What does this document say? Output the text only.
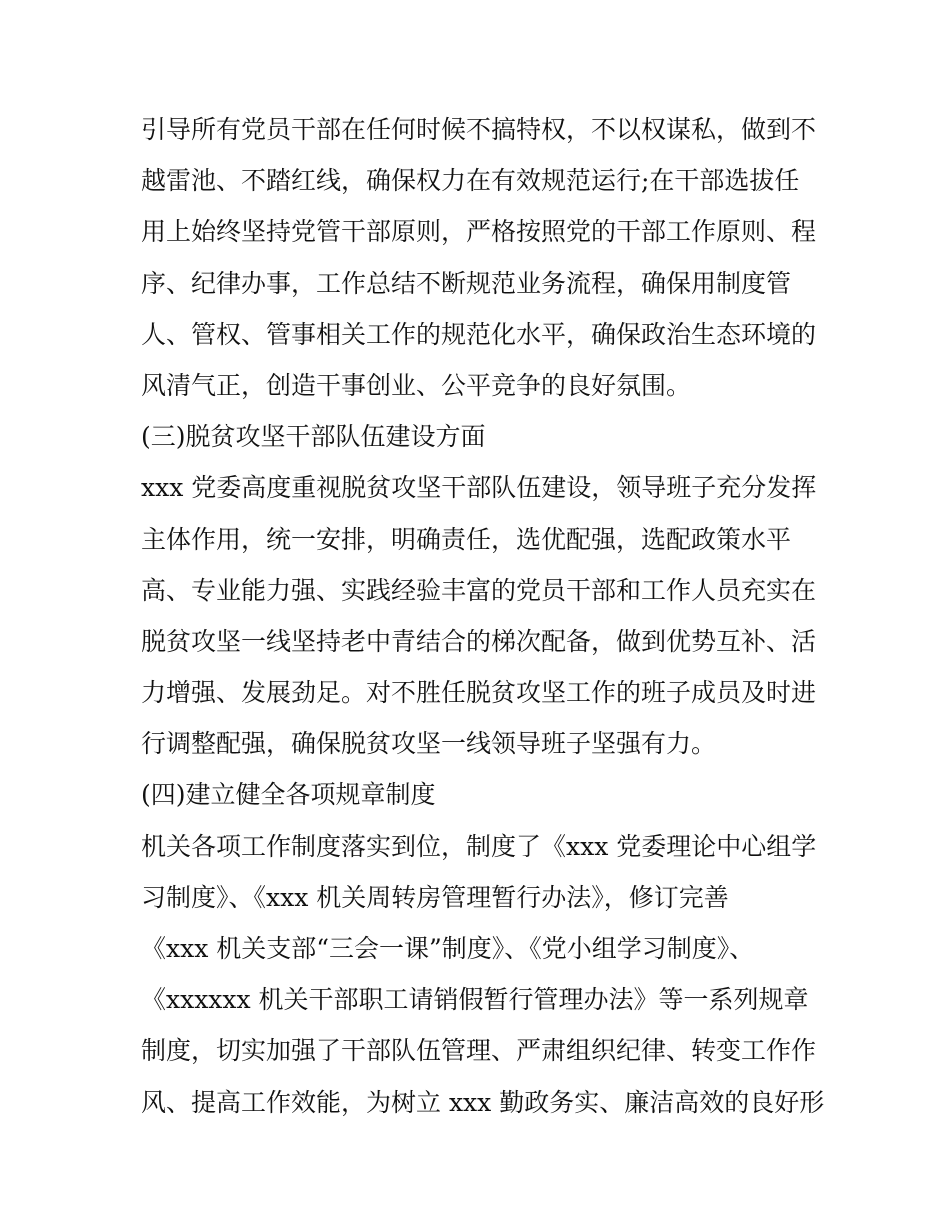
引导所有党员干部在任何时候不搞特权，不以权谋私，做到不
越雷池、不踏红线，确保权力在有效规范运行;在干部选拔任
用上始终坚持党管干部原则，严格按照党的干部工作原则、程
序、纪律办事，工作总结不断规范业务流程，确保用制度管
人、管权、管事相关工作的规范化水平，确保政治生态环境的
风清气正，创造干事创业、公平竞争的良好氛围。
(三)脱贫攻坚干部队伍建设方面
xxx 党委高度重视脱贫攻坚干部队伍建设，领导班子充分发挥
主体作用，统一安排，明确责任，选优配强，选配政策水平
高、专业能力强、实践经验丰富的党员干部和工作人员充实在
脱贫攻坚一线坚持老中青结合的梯次配备，做到优势互补、活
力增强、发展劲足。对不胜任脱贫攻坚工作的班子成员及时进
行调整配强，确保脱贫攻坚一线领导班子坚强有力。
(四)建立健全各项规章制度
机关各项工作制度落实到位，制度了《xxx 党委理论中心组学
习制度》、《xxx 机关周转房管理暂行办法》，修订完善
《xxx 机关支部“三会一课”制度》、《党小组学习制度》、
《xxxxxx 机关干部职工请销假暂行管理办法》等一系列规章
制度，切实加强了干部队伍管理、严肃组织纪律、转变工作作
风、提高工作效能，为树立 xxx 勤政务实、廉洁高效的良好形
